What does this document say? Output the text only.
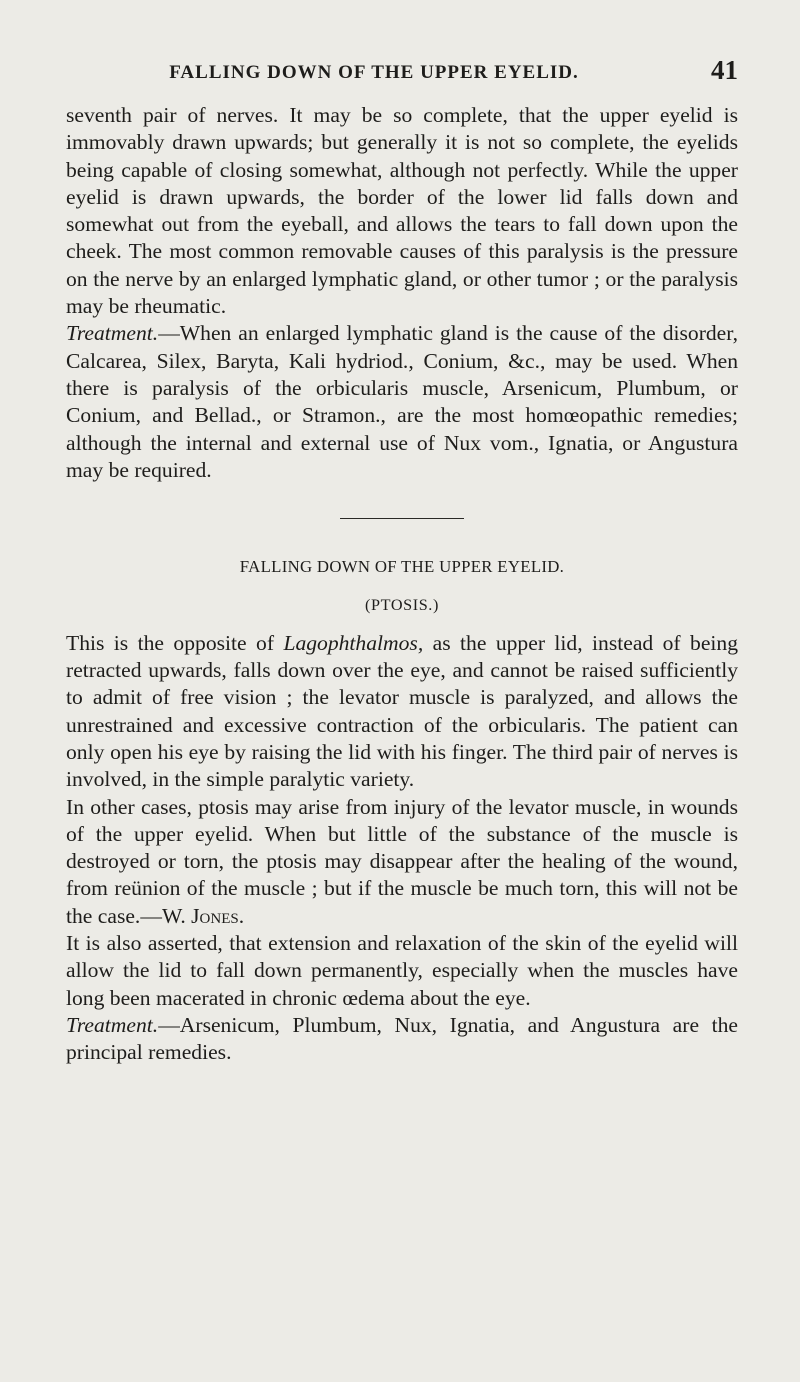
FALLING DOWN OF THE UPPER EYELID.	41

seventh pair of nerves. It may be so complete, that the upper eyelid is immovably drawn upwards; but generally it is not so complete, the eyelids being capable of closing somewhat, although not perfectly. While the upper eyelid is drawn upwards, the border of the lower lid falls down and somewhat out from the eyeball, and allows the tears to fall down upon the cheek. The most common removable causes of this paralysis is the pressure on the nerve by an enlarged lymphatic gland, or other tumor ; or the paralysis may be rheumatic.

Treatment.—When an enlarged lymphatic gland is the cause of the disorder, Calcarea, Silex, Baryta, Kali hydriod., Conium, &c., may be used. When there is paralysis of the orbicularis muscle, Arsenicum, Plumbum, or Conium, and Bellad., or Stramon., are the most homœopathic remedies; although the internal and external use of Nux vom., Ignatia, or Angustura may be required.

FALLING DOWN OF THE UPPER EYELID.
(PTOSIS.)

This is the opposite of Lagophthalmos, as the upper lid, instead of being retracted upwards, falls down over the eye, and cannot be raised sufficiently to admit of free vision ; the levator muscle is paralyzed, and allows the unrestrained and excessive contraction of the orbicularis. The patient can only open his eye by raising the lid with his finger. The third pair of nerves is involved, in the simple paralytic variety.

In other cases, ptosis may arise from injury of the levator muscle, in wounds of the upper eyelid. When but little of the substance of the muscle is destroyed or torn, the ptosis may disappear after the healing of the wound, from reünion of the muscle ; but if the muscle be much torn, this will not be the case.—W. Jones.

It is also asserted, that extension and relaxation of the skin of the eyelid will allow the lid to fall down permanently, especially when the muscles have long been macerated in chronic œdema about the eye.

Treatment.—Arsenicum, Plumbum, Nux, Ignatia, and Angustura are the principal remedies.
